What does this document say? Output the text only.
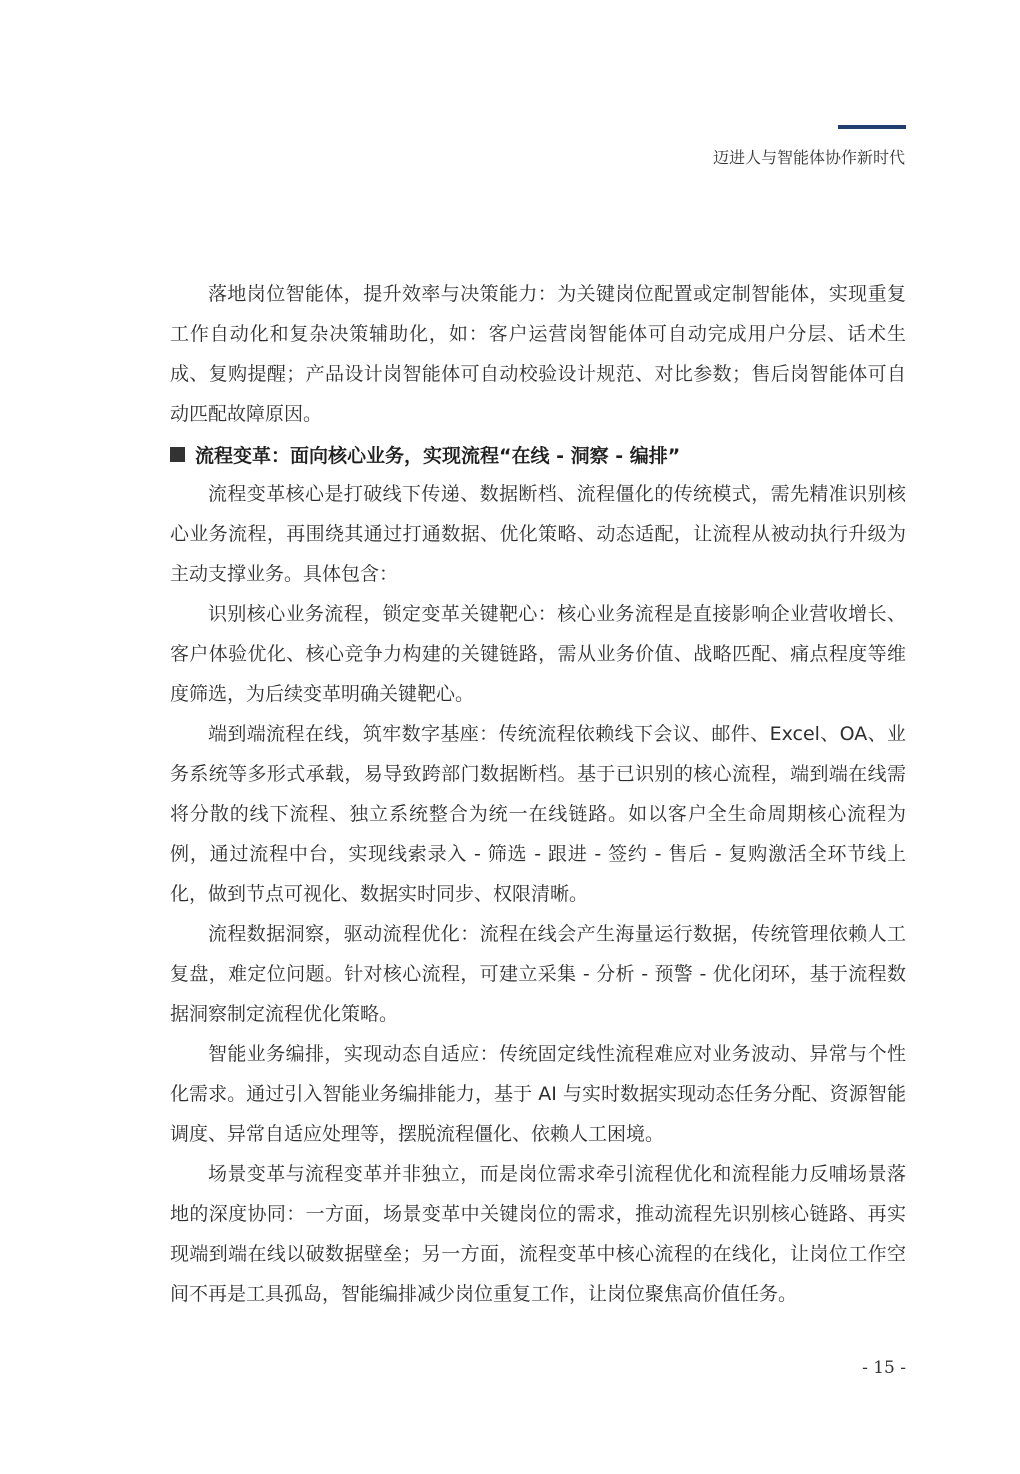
迈进人与智能体协作新时代

落地岗位智能体，提升效率与决策能力：为关键岗位配置或定制智能体，实现重复工作自动化和复杂决策辅助化，如：客户运营岗智能体可自动完成用户分层、话术生成、复购提醒；产品设计岗智能体可自动校验设计规范、对比参数；售后岗智能体可自动匹配故障原因。

流程变革：面向核心业务，实现流程“在线 - 洞察 - 编排”

流程变革核心是打破线下传递、数据断档、流程僵化的传统模式，需先精准识别核心业务流程，再围绕其通过打通数据、优化策略、动态适配，让流程从被动执行升级为主动支撑业务。具体包含：

识别核心业务流程，锁定变革关键靶心：核心业务流程是直接影响企业营收增长、客户体验优化、核心竞争力构建的关键链路，需从业务价值、战略匹配、痛点程度等维度筛选，为后续变革明确关键靶心。

端到端流程在线，筑牢数字基座：传统流程依赖线下会议、邮件、Excel、OA、业务系统等多形式承载，易导致跨部门数据断档。基于已识别的核心流程，端到端在线需将分散的线下流程、独立系统整合为统一在线链路。如以客户全生命周期核心流程为例，通过流程中台，实现线索录入 - 筛选 - 跟进 - 签约 - 售后 - 复购激活全环节线上化，做到节点可视化、数据实时同步、权限清晰。

流程数据洞察，驱动流程优化：流程在线会产生海量运行数据，传统管理依赖人工复盘，难定位问题。针对核心流程，可建立采集 - 分析 - 预警 - 优化闭环，基于流程数据洞察制定流程优化策略。

智能业务编排，实现动态自适应：传统固定线性流程难应对业务波动、异常与个性化需求。通过引入智能业务编排能力，基于 AI 与实时数据实现动态任务分配、资源智能调度、异常自适应处理等，摆脱流程僵化、依赖人工困境。

场景变革与流程变革并非独立，而是岗位需求牵引流程优化和流程能力反哺场景落地的深度协同：一方面，场景变革中关键岗位的需求，推动流程先识别核心链路、再实现端到端在线以破数据壁垒；另一方面，流程变革中核心流程的在线化，让岗位工作空间不再是工具孤岛，智能编排减少岗位重复工作，让岗位聚焦高价值任务。

- 15 -
